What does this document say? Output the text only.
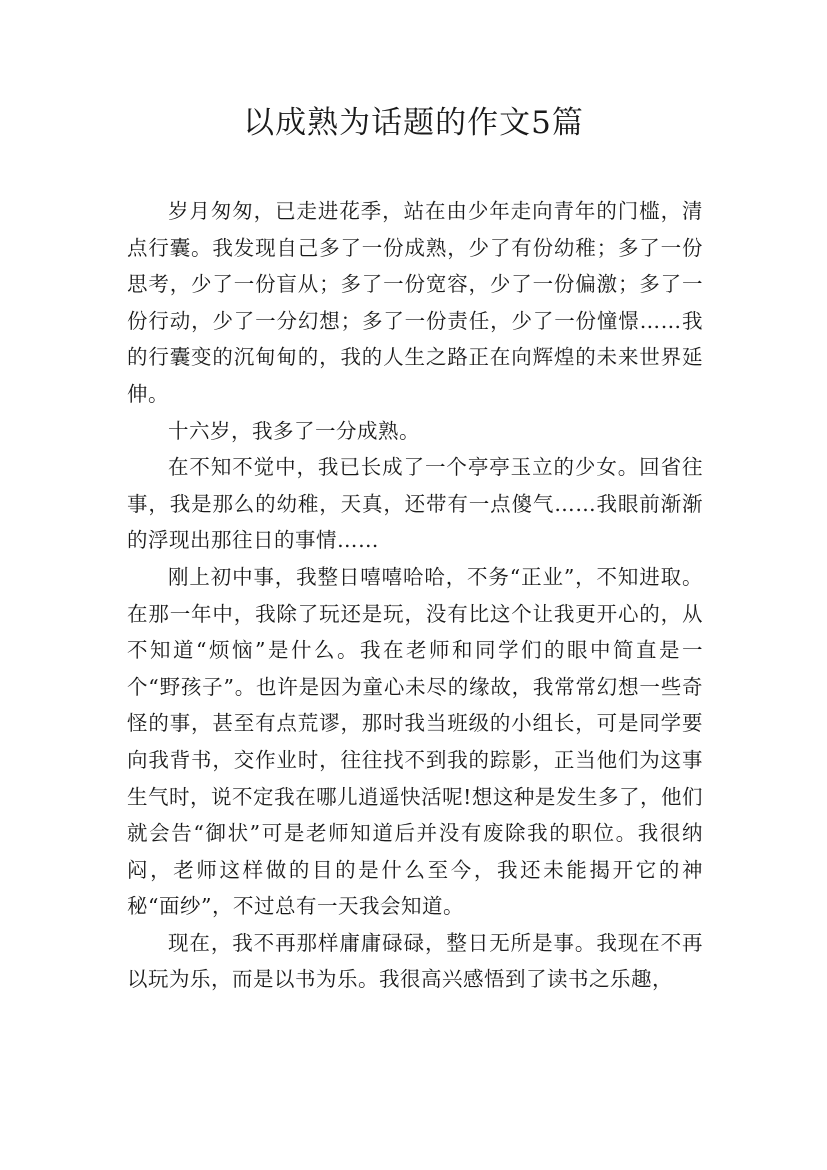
以成熟为话题的作文5篇

岁月匆匆，已走进花季，站在由少年走向青年的门槛，清点行囊。我发现自己多了一份成熟，少了有份幼稚；多了一份思考，少了一份盲从；多了一份宽容，少了一份偏激；多了一份行动，少了一分幻想；多了一份责任，少了一份憧憬……我的行囊变的沉甸甸的，我的人生之路正在向辉煌的未来世界延伸。

十六岁，我多了一分成熟。

在不知不觉中，我已长成了一个亭亭玉立的少女。回省往事，我是那么的幼稚，天真，还带有一点傻气……我眼前渐渐的浮现出那往日的事情……

刚上初中事，我整日嘻嘻哈哈，不务“正业”，不知进取。在那一年中，我除了玩还是玩，没有比这个让我更开心的，从不知道“烦恼”是什么。我在老师和同学们的眼中简直是一个“野孩子”。也许是因为童心未尽的缘故，我常常幻想一些奇怪的事，甚至有点荒谬，那时我当班级的小组长，可是同学要向我背书，交作业时，往往找不到我的踪影，正当他们为这事生气时，说不定我在哪儿逍遥快活呢!想这种是发生多了，他们就会告“御状”可是老师知道后并没有废除我的职位。我很纳闷，老师这样做的目的是什么至今，我还未能揭开它的神秘“面纱”，不过总有一天我会知道。

现在，我不再那样庸庸碌碌，整日无所是事。我现在不再以玩为乐，而是以书为乐。我很高兴感悟到了读书之乐趣，
